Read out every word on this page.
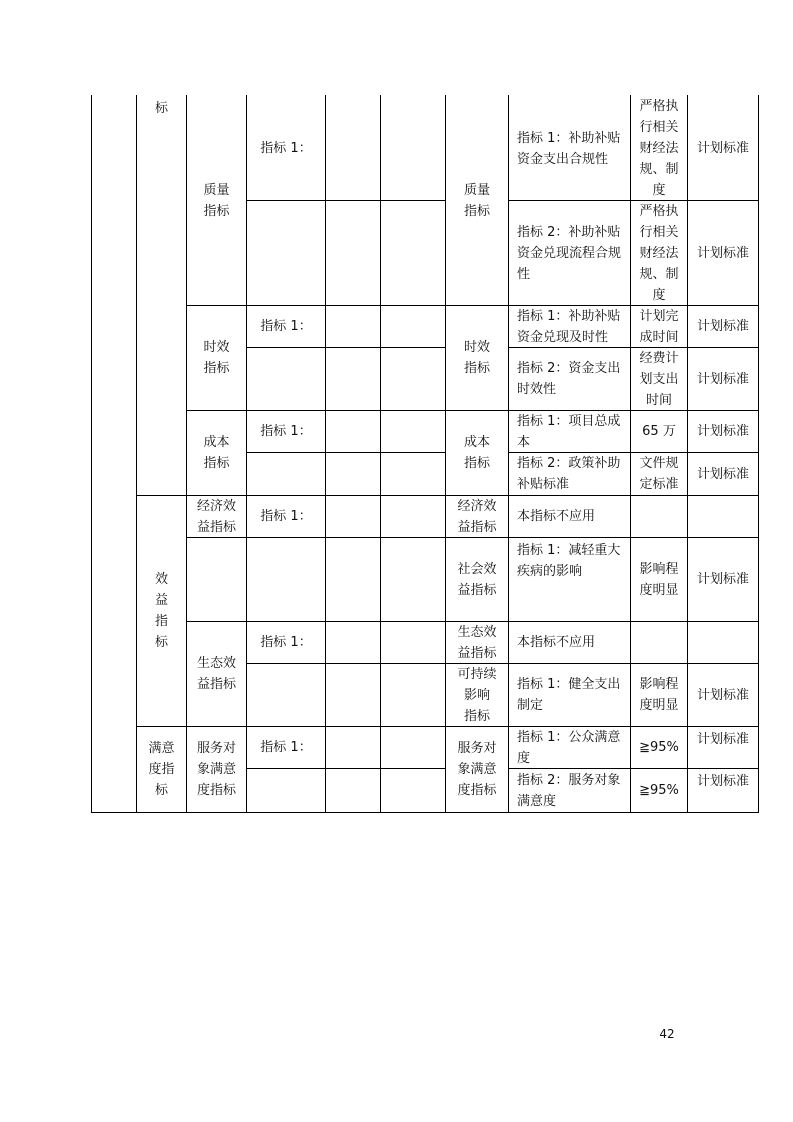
标
效
益
指
标
满意
度指
标
质量
指标
时效
指标
成本
指标
经济效
益指标
生态效
益指标
服务对
象满意
度指标
指标 1：
指标 1：
指标 1：
指标 1：
指标 1：
指标 1：
质量
指标
时效
指标
成本
指标
经济效
益指标
社会效
益指标
生态效
益指标
可持续
影响
指标
服务对
象满意
度指标
指标 1：补助补贴
资金支出合规性
指标 2：补助补贴
资金兑现流程合规
性
指标 1：补助补贴
资金兑现及时性
指标 2：资金支出
时效性
指标 1：项目总成
本
指标 2：政策补助
补贴标准
本指标不应用
指标 1：减轻重大
疾病的影响
本指标不应用
指标 1：健全支出
制定
指标 1：公众满意
度
指标 2：服务对象
满意度
严格执
行相关
财经法
规、制
度
严格执
行相关
财经法
规、制
度
计划完
成时间
经费计
划支出
时间
65 万
文件规
定标准
影响程
度明显
影响程
度明显
≧95%
≧95%
计划标准
计划标准
计划标准
计划标准
计划标准
计划标准
计划标准
计划标准
计划标准
计划标准
42
